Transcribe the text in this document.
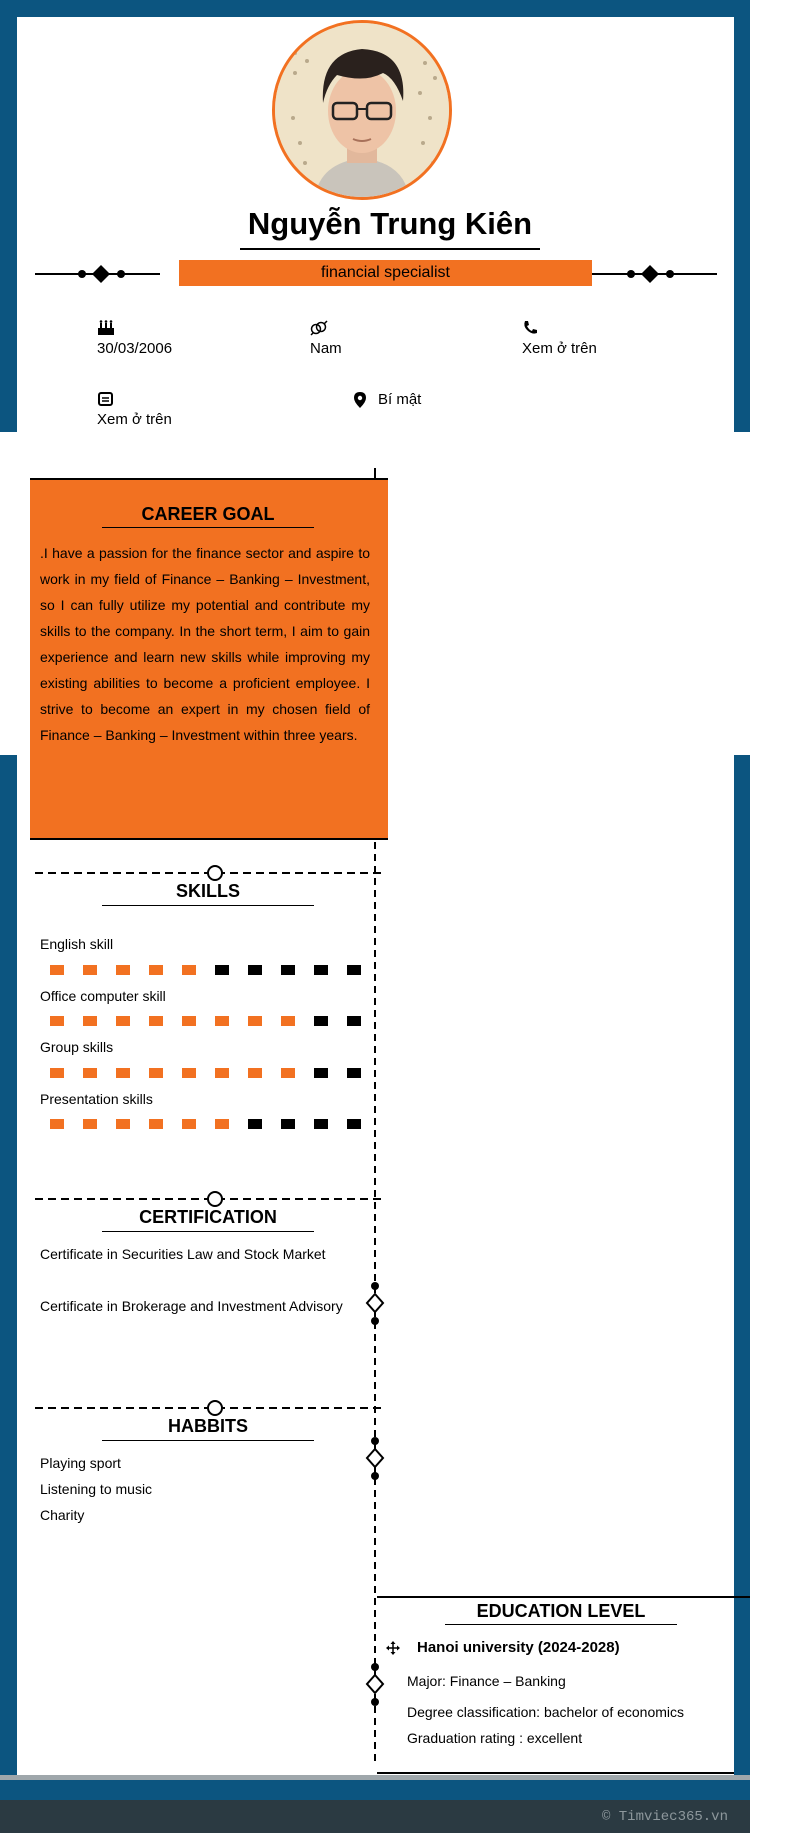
© Timviec365.vn
Nguyễn Trung Kiên
financial specialist
30/03/2006	Nam	Xem ở trên
Xem ở trên
Bí mật
CAREER GOAL

.I have a passion for the finance sector and aspire to work in my field of Finance – Banking – Investment, so I can fully utilize my potential and contribute my skills to the company. In the short term, I aim to gain experience and learn new skills while improving my existing abilities to become a proficient employee. I strive to become an expert in my chosen field of Finance – Banking – Investment within three years.

SKILLS
English skill
Office computer skill
Group skills
Presentation skills
CERTIFICATION
Certificate in Securities Law and Stock Market
Certificate in Brokerage and Investment Advisory
HABBITS
Playing sport
Listening to music
Charity
EDUCATION LEVEL
Hanoi university (2024-2028)
Major: Finance – Banking
Degree classification: bachelor of economics
Graduation rating : excellent
